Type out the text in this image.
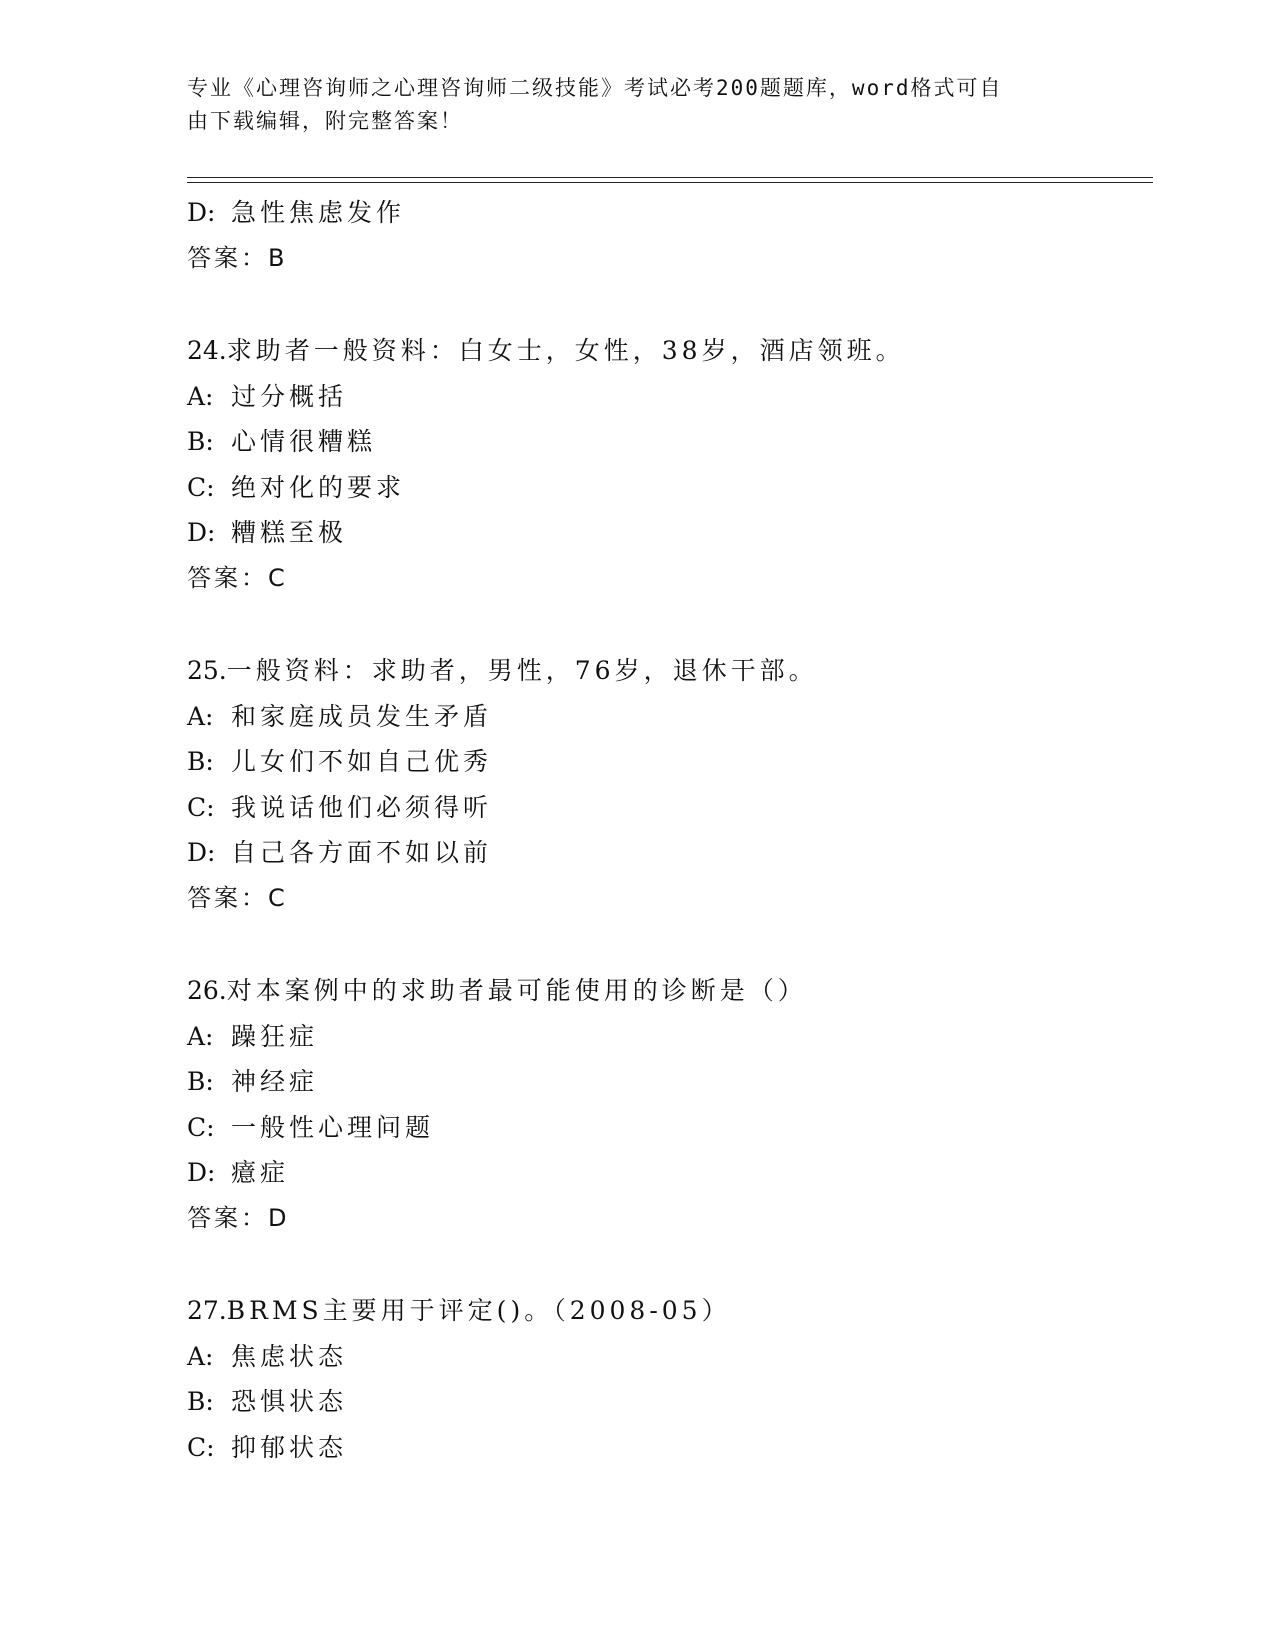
专业《心理咨询师之心理咨询师二级技能》考试必考200题题库，word格式可自
由下载编辑，附完整答案！
D: 急性焦虑发作
答案：B
24.求助者一般资料：白女士，女性，38岁，酒店领班。
A: 过分概括
B: 心情很糟糕
C: 绝对化的要求
D: 糟糕至极
答案：C
25.一般资料：求助者，男性，76岁，退休干部。
A: 和家庭成员发生矛盾
B: 儿女们不如自己优秀
C: 我说话他们必须得听
D: 自己各方面不如以前
答案：C
26.对本案例中的求助者最可能使用的诊断是（）
A: 躁狂症
B: 神经症
C: 一般性心理问题
D: 癔症
答案：D
27.BRMS主要用于评定()。（2008-05）
A: 焦虑状态
B: 恐惧状态
C: 抑郁状态
